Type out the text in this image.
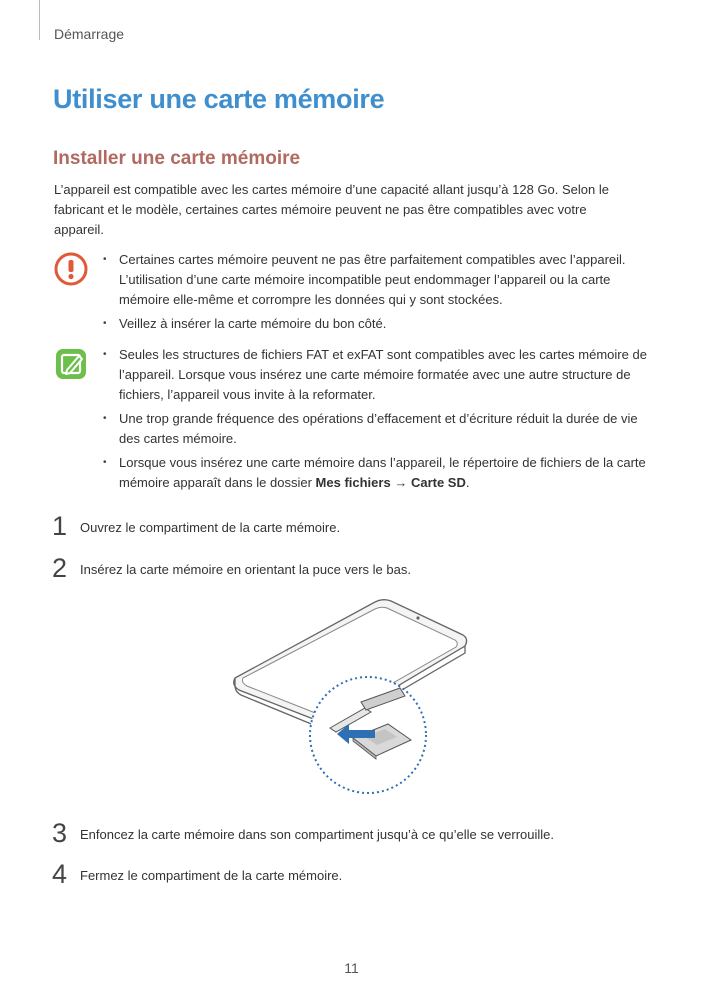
Démarrage
Utiliser une carte mémoire
Installer une carte mémoire

L’appareil est compatible avec les cartes mémoire d’une capacité allant jusqu’à 128 Go. Selon le fabricant et le modèle, certaines cartes mémoire peuvent ne pas être compatibles avec votre appareil.

• Certaines cartes mémoire peuvent ne pas être parfaitement compatibles avec l’appareil. L’utilisation d’une carte mémoire incompatible peut endommager l’appareil ou la carte mémoire elle-même et corrompre les données qui y sont stockées.
• Veillez à insérer la carte mémoire du bon côté.
• Seules les structures de fichiers FAT et exFAT sont compatibles avec les cartes mémoire de l’appareil. Lorsque vous insérez une carte mémoire formatée avec une autre structure de fichiers, l’appareil vous invite à la reformater.
• Une trop grande fréquence des opérations d’effacement et d’écriture réduit la durée de vie des cartes mémoire.
• Lorsque vous insérez une carte mémoire dans l’appareil, le répertoire de fichiers de la carte mémoire apparaît dans le dossier Mes fichiers → Carte SD.
1 Ouvrez le compartiment de la carte mémoire.
2 Insérez la carte mémoire en orientant la puce vers le bas.
3 Enfoncez la carte mémoire dans son compartiment jusqu’à ce qu’elle se verrouille.
4 Fermez le compartiment de la carte mémoire.
11
